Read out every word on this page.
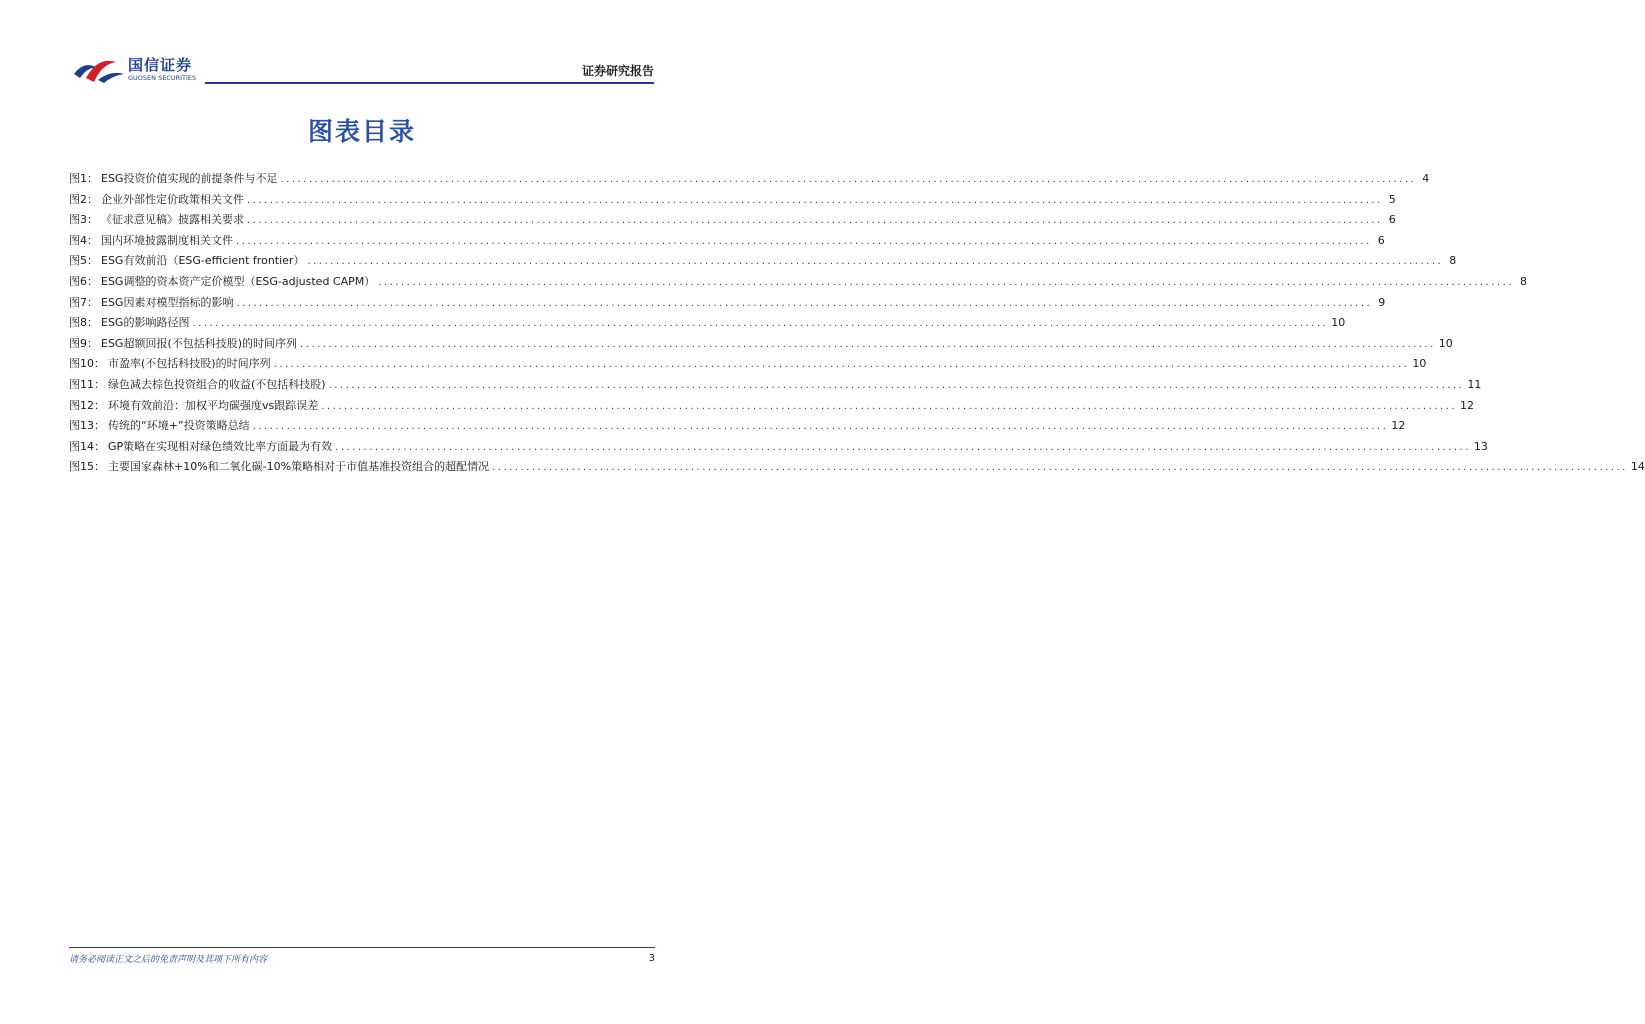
国信证券
GUOSEN SECURITIES	证券研究报告
图表目录
图1： ESG投资价值实现的前提条件与不足 ........................................................................................................................................................................................................ 4
图2： 企业外部性定价政策相关文件 ........................................................................................................................................................................................................ 5
图3： 《征求意见稿》披露相关要求 ........................................................................................................................................................................................................ 6
图4： 国内环境披露制度相关文件 ........................................................................................................................................................................................................ 6
图5： ESG有效前沿（ESG-efficient frontier） ........................................................................................................................................................................................................ 8
图6： ESG调整的资本资产定价模型（ESG-adjusted CAPM） ........................................................................................................................................................................................................ 8
图7： ESG因素对模型指标的影响 ........................................................................................................................................................................................................ 9
图8： ESG的影响路径图 ........................................................................................................................................................................................................ 10
图9： ESG超额回报(不包括科技股)的时间序列 ........................................................................................................................................................................................................ 10
图10： 市盈率(不包括科技股)的时间序列 ........................................................................................................................................................................................................ 10
图11： 绿色减去棕色投资组合的收益(不包括科技股) ........................................................................................................................................................................................................ 11
图12： 环境有效前沿：加权平均碳强度vs跟踪误差 ........................................................................................................................................................................................................ 12
图13： 传统的“环境+”投资策略总结 ........................................................................................................................................................................................................ 12
图14： GP策略在实现相对绿色绩效比率方面最为有效 ........................................................................................................................................................................................................ 13
图15： 主要国家森林+10%和二氧化碳-10%策略相对于市值基准投资组合的超配情况 ........................................................................................................................................................................................................ 14
请务必阅读正文之后的免责声明及其项下所有内容	3
